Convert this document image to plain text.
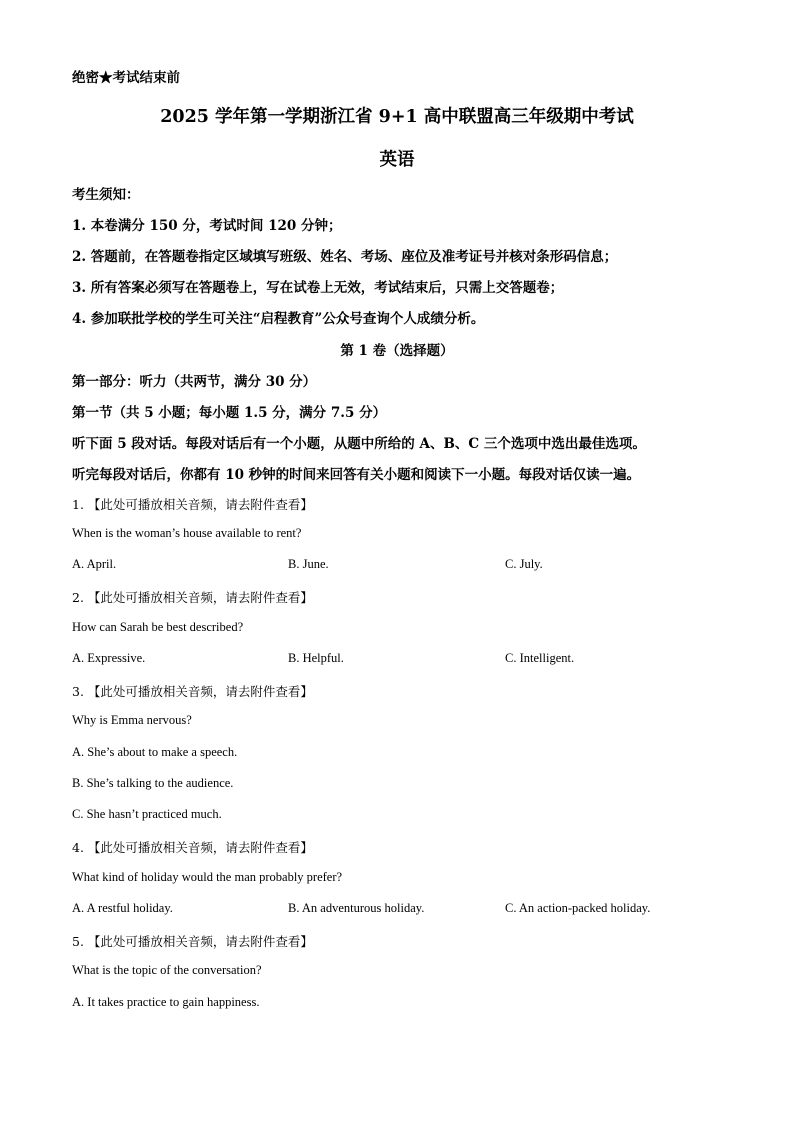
绝密★考试结束前
2025 学年第一学期浙江省 9+1 高中联盟高三年级期中考试
英语
考生须知：
1. 本卷满分 150 分，考试时间 120 分钟；
2. 答题前，在答题卷指定区域填写班级、姓名、考场、座位及准考证号并核对条形码信息；
3. 所有答案必须写在答题卷上，写在试卷上无效，考试结束后，只需上交答题卷；
4. 参加联批学校的学生可关注“启程教育”公众号查询个人成绩分析。
第 1 卷（选择题）
第一部分：听力（共两节，满分 30 分）
第一节（共 5 小题；每小题 1.5 分，满分 7.5 分）
听下面 5 段对话。每段对话后有一个小题，从题中所给的 A、B、C 三个选项中选出最佳选项。
听完每段对话后，你都有 10 秒钟的时间来回答有关小题和阅读下一小题。每段对话仅读一遍。
1. 【此处可播放相关音频，请去附件查看】
When is the woman’s house available to rent?
A. April.	B. June.	C. July.
2. 【此处可播放相关音频，请去附件查看】
How can Sarah be best described?
A. Expressive.	B. Helpful.	C. Intelligent.
3. 【此处可播放相关音频，请去附件查看】
Why is Emma nervous?
A. She’s about to make a speech.
B. She’s talking to the audience.
C. She hasn’t practiced much.
4. 【此处可播放相关音频，请去附件查看】
What kind of holiday would the man probably prefer?
A. A restful holiday.	B. An adventurous holiday.	C. An action-packed holiday.
5. 【此处可播放相关音频，请去附件查看】
What is the topic of the conversation?
A. It takes practice to gain happiness.
